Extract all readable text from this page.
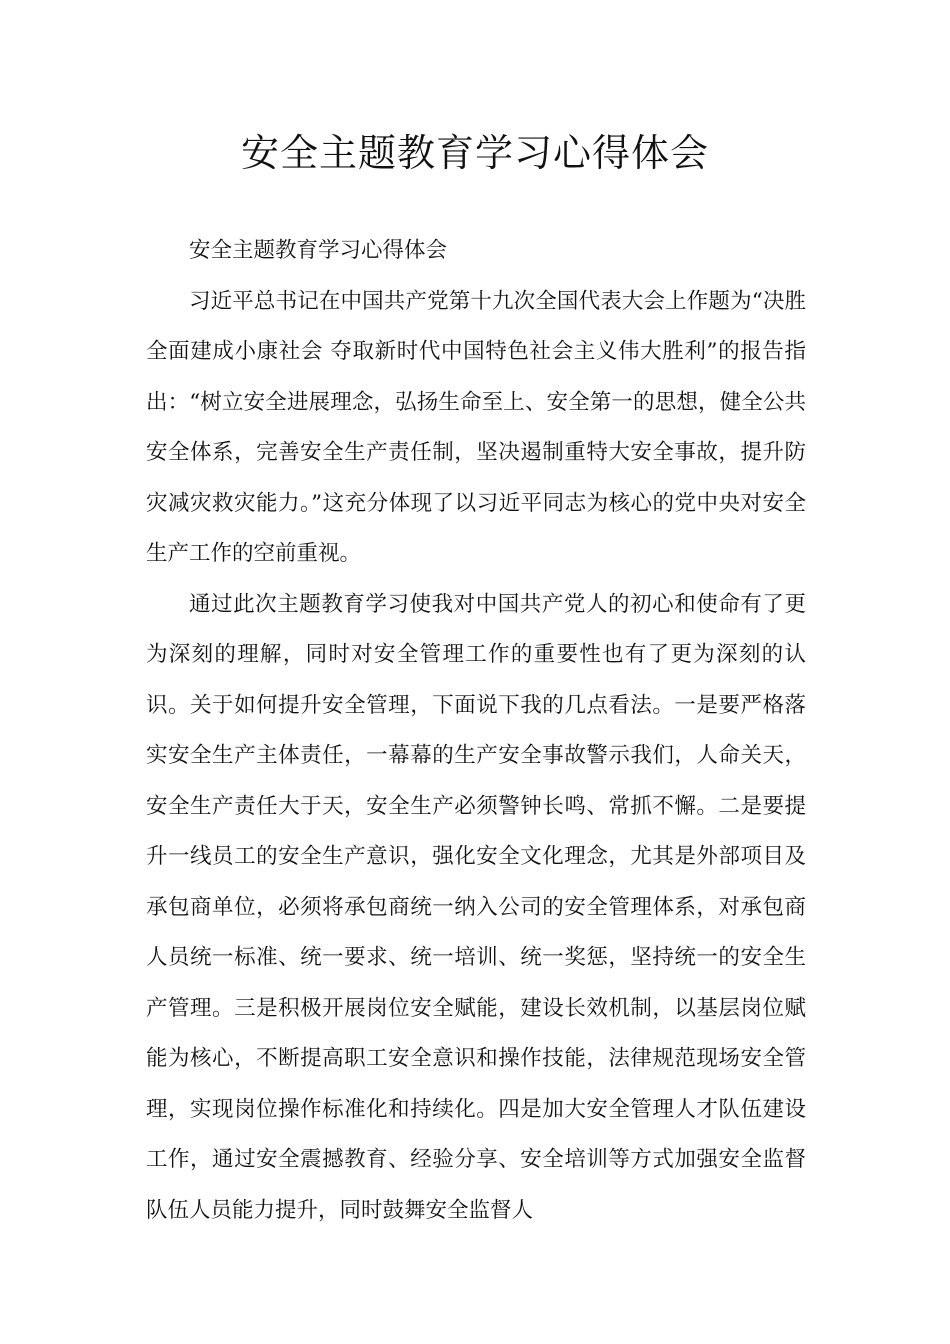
安全主题教育学习心得体会

安全主题教育学习心得体会

习近平总书记在中国共产党第十九次全国代表大会上作题为“决胜全面建成小康社会 夺取新时代中国特色社会主义伟大胜利”的报告指出：“树立安全进展理念，弘扬生命至上、安全第一的思想，健全公共安全体系，完善安全生产责任制，坚决遏制重特大安全事故，提升防灾减灾救灾能力。”这充分体现了以习近平同志为核心的党中央对安全生产工作的空前重视。

通过此次主题教育学习使我对中国共产党人的初心和使命有了更为深刻的理解，同时对安全管理工作的重要性也有了更为深刻的认识。关于如何提升安全管理，下面说下我的几点看法。一是要严格落实安全生产主体责任，一幕幕的生产安全事故警示我们，人命关天，安全生产责任大于天，安全生产必须警钟长鸣、常抓不懈。二是要提升一线员工的安全生产意识，强化安全文化理念，尤其是外部项目及承包商单位，必须将承包商统一纳入公司的安全管理体系，对承包商人员统一标准、统一要求、统一培训、统一奖惩，坚持统一的安全生产管理。三是积极开展岗位安全赋能，建设长效机制，以基层岗位赋能为核心，不断提高职工安全意识和操作技能，法律规范现场安全管理，实现岗位操作标准化和持续化。四是加大安全管理人才队伍建设工作，通过安全震撼教育、经验分享、安全培训等方式加强安全监督队伍人员能力提升，同时鼓舞安全监督人
